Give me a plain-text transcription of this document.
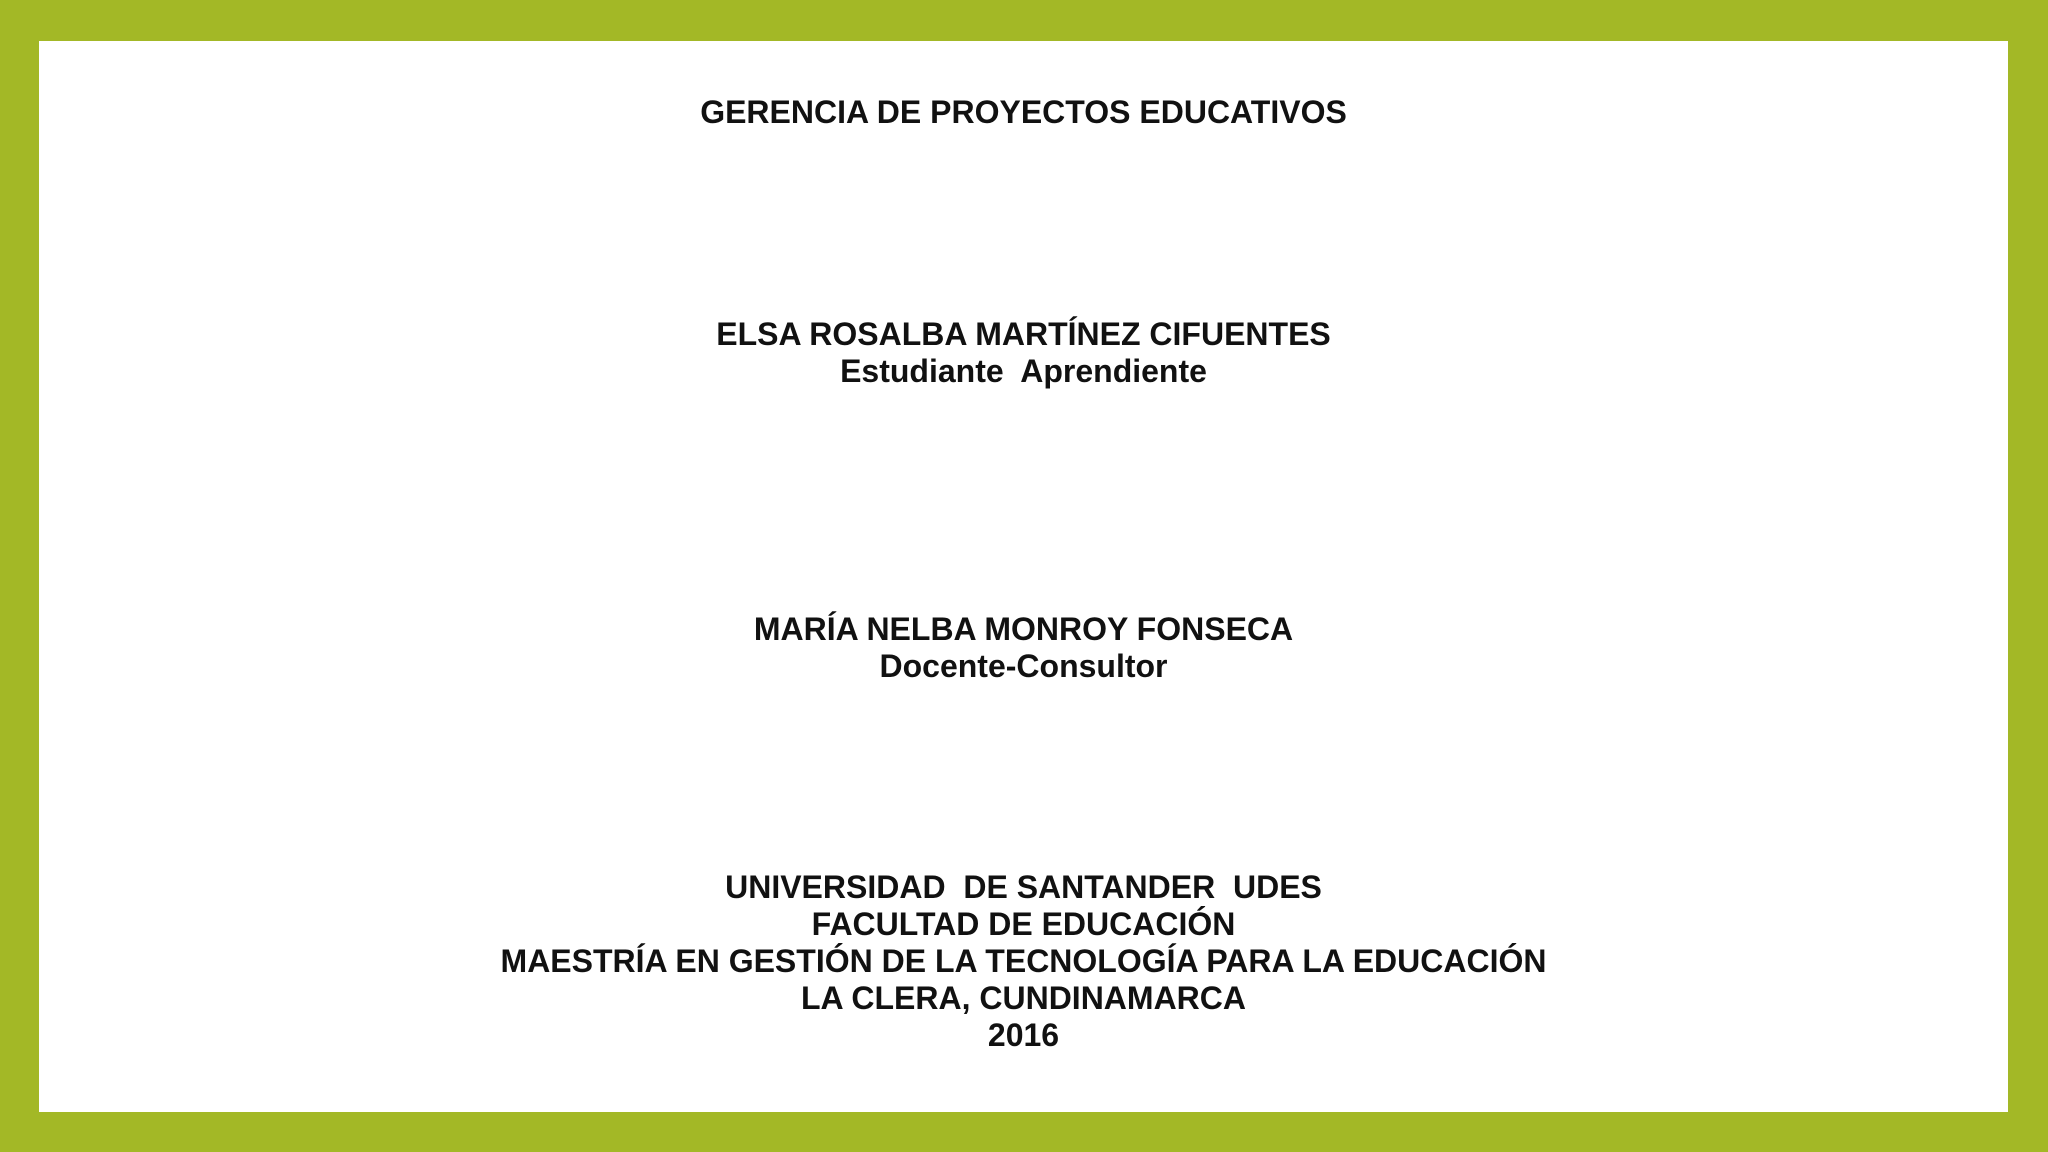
GERENCIA DE PROYECTOS EDUCATIVOS
ELSA ROSALBA MARTÍNEZ CIFUENTES
Estudiante  Aprendiente
MARÍA NELBA MONROY FONSECA
Docente-Consultor
UNIVERSIDAD  DE SANTANDER  UDES
FACULTAD DE EDUCACIÓN
MAESTRÍA EN GESTIÓN DE LA TECNOLOGÍA PARA LA EDUCACIÓN
LA CLERA, CUNDINAMARCA
2016
